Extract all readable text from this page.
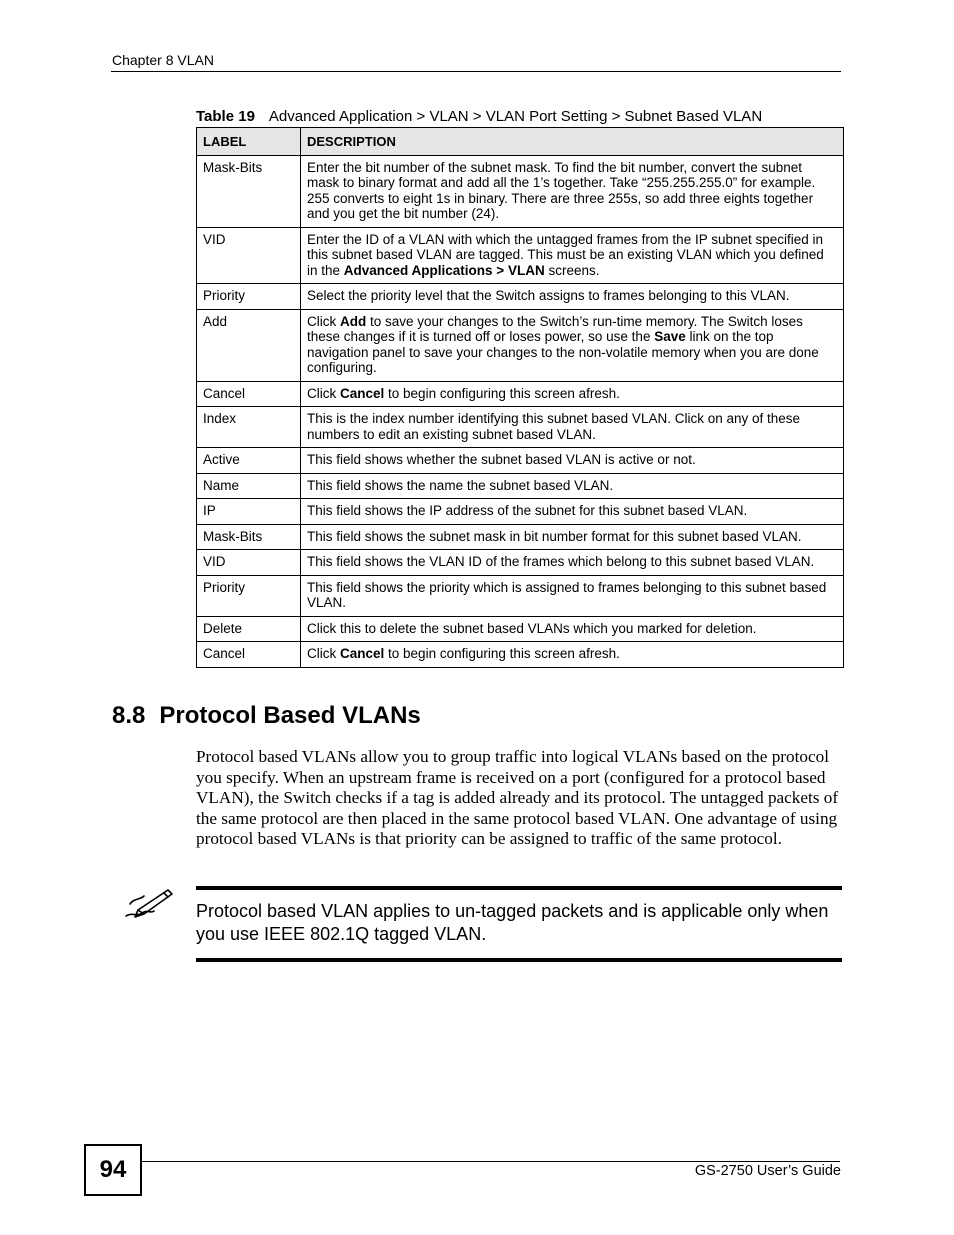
Chapter 8 VLAN
Table 19 Advanced Application > VLAN > VLAN Port Setting > Subnet Based VLAN
LABEL	DESCRIPTION
Mask-Bits	Enter the bit number of the subnet mask. To find the bit number, convert the subnet mask to binary format and add all the 1’s together. Take “255.255.255.0” for example. 255 converts to eight 1s in binary. There are three 255s, so add three eights together and you get the bit number (24).
VID	Enter the ID of a VLAN with which the untagged frames from the IP subnet specified in this subnet based VLAN are tagged. This must be an existing VLAN which you defined in the Advanced Applications > VLAN screens.
Priority	Select the priority level that the Switch assigns to frames belonging to this VLAN.
Add	Click Add to save your changes to the Switch’s run-time memory. The Switch loses these changes if it is turned off or loses power, so use the Save link on the top navigation panel to save your changes to the non-volatile memory when you are done configuring.
Cancel	Click Cancel to begin configuring this screen afresh.
Index	This is the index number identifying this subnet based VLAN. Click on any of these numbers to edit an existing subnet based VLAN.
Active	This field shows whether the subnet based VLAN is active or not.
Name	This field shows the name the subnet based VLAN.
IP	This field shows the IP address of the subnet for this subnet based VLAN.
Mask-Bits	This field shows the subnet mask in bit number format for this subnet based VLAN.
VID	This field shows the VLAN ID of the frames which belong to this subnet based VLAN.
Priority	This field shows the priority which is assigned to frames belonging to this subnet based VLAN.
Delete	Click this to delete the subnet based VLANs which you marked for deletion.
Cancel	Click Cancel to begin configuring this screen afresh.
8.8 Protocol Based VLANs
Protocol based VLANs allow you to group traffic into logical VLANs based on the protocol you specify. When an upstream frame is received on a port (configured for a protocol based VLAN), the Switch checks if a tag is added already and its protocol. The untagged packets of the same protocol are then placed in the same protocol based VLAN. One advantage of using protocol based VLANs is that priority can be assigned to traffic of the same protocol.
Protocol based VLAN applies to un-tagged packets and is applicable only when you use IEEE 802.1Q tagged VLAN.
94	GS-2750 User’s Guide
